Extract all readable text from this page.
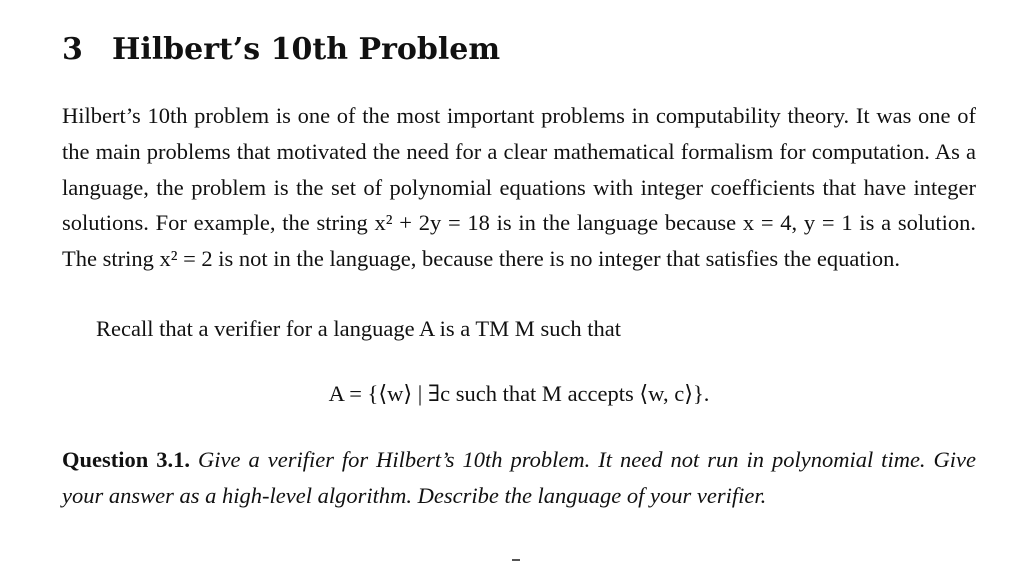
3 Hilbert’s 10th Problem

Hilbert’s 10th problem is one of the most important problems in computability theory. It was one of the main problems that motivated the need for a clear mathematical formalism for computation. As a language, the problem is the set of polynomial equations with integer coefficients that have integer solutions. For example, the string x² + 2y = 18 is in the language because x = 4, y = 1 is a solution. The string x² = 2 is not in the language, because there is no integer that satisfies the equation.

Recall that a verifier for a language A is a TM M such that

A = {⟨w⟩ | ∃c such that M accepts ⟨w, c⟩}.

Question 3.1. Give a verifier for Hilbert’s 10th problem. It need not run in polynomial time. Give your answer as a high-level algorithm. Describe the language of your verifier.
